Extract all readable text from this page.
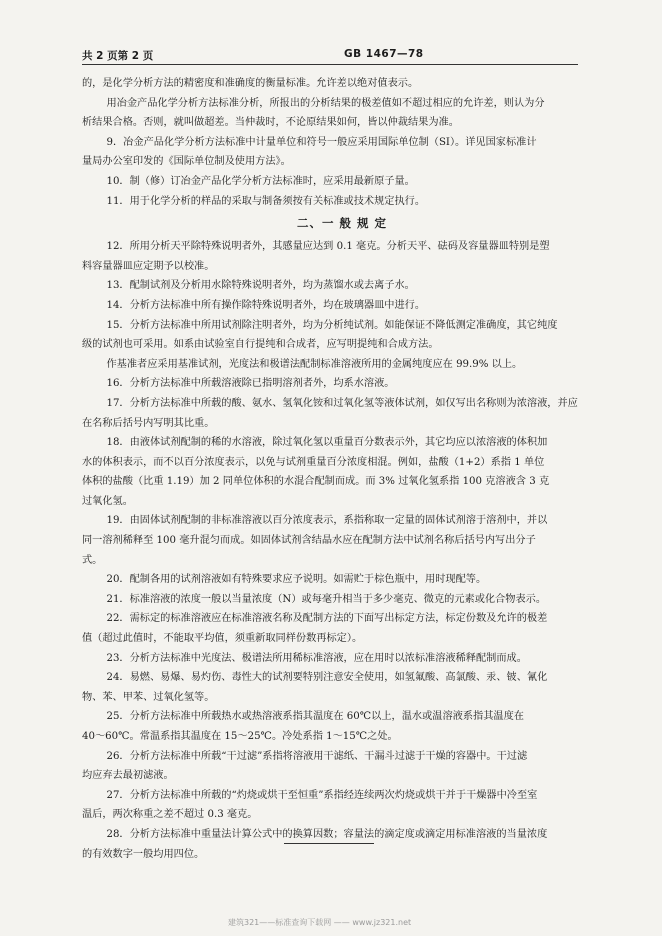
共 2 页第 2 页	GB 1467—78

的，是化学分析方法的精密度和准确度的衡量标准。允许差以绝对值表示。

用冶金产品化学分析方法标准分析，所报出的分析结果的极差值如不超过相应的允许差，则认为分

析结果合格。否则，就叫做超差。当仲裁时，不论原结果如何，皆以仲裁结果为准。

9．冶金产品化学分析方法标准中计量单位和符号一般应采用国际单位制（SI）。详见国家标准计

量局办公室印发的《国际单位制及使用方法》。

10．制（修）订冶金产品化学分析方法标准时，应采用最新原子量。

11．用于化学分析的样品的采取与制备须按有关标准或技术规定执行。

二、一 般 规 定

12．所用分析天平除特殊说明者外，其感量应达到 0.1 毫克。分析天平、砝码及容量器皿特别是塑

料容量器皿应定期予以校准。

13．配制试剂及分析用水除特殊说明者外，均为蒸馏水或去离子水。

14．分析方法标准中所有操作除特殊说明者外，均在玻璃器皿中进行。

15．分析方法标准中所用试剂除注明者外，均为分析纯试剂。如能保证不降低测定准确度，其它纯度

级的试剂也可采用。如系由试验室自行提纯和合成者，应写明提纯和合成方法。

作基准者应采用基准试剂，光度法和极谱法配制标准溶液所用的金属纯度应在 99.9% 以上。

16．分析方法标准中所载溶液除已指明溶剂者外，均系水溶液。

17．分析方法标准中所载的酸、氨水、氢氧化铵和过氧化氢等液体试剂，如仅写出名称则为浓溶液，并应

在名称后括号内写明其比重。

18．由液体试剂配制的稀的水溶液，除过氧化氢以重量百分数表示外，其它均应以浓溶液的体积加

水的体积表示，而不以百分浓度表示，以免与试剂重量百分浓度相混。例如，盐酸（1+2）系指 1 单位

体积的盐酸（比重 1.19）加 2 同单位体积的水混合配制而成。而 3% 过氧化氢系指 100 克溶液含 3 克

过氧化氢。

19．由固体试剂配制的非标准溶液以百分浓度表示，系指称取一定量的固体试剂溶于溶剂中，并以

同一溶剂稀释至 100 毫升混匀而成。如固体试剂含结晶水应在配制方法中试剂名称后括号内写出分子

式。

20．配制各用的试剂溶液如有特殊要求应予说明。如需贮于棕色瓶中，用时现配等。

21．标准溶液的浓度一般以当量浓度（N）或每毫升相当于多少毫克、微克的元素或化合物表示。

22．需标定的标准溶液应在标准溶液名称及配制方法的下面写出标定方法，标定份数及允许的极差

值（超过此值时，不能取平均值，须重新取同样份数再标定）。

23．分析方法标准中光度法、极谱法所用稀标准溶液，应在用时以浓标准溶液稀释配制而成。

24．易燃、易爆、易灼伤、毒性大的试剂要特别注意安全使用，如氢氟酸、高氯酸、汞、铍、氰化

物、苯、甲苯、过氧化氢等。

25．分析方法标准中所载热水或热溶液系指其温度在 60℃以上，温水或温溶液系指其温度在

40～60℃。常温系指其温度在 15～25℃。冷处系指 1～15℃之处。

26．分析方法标准中所载“干过滤”系指将溶液用干滤纸、干漏斗过滤于干燥的容器中。干过滤

均应弃去最初滤液。

27．分析方法标准中所载的“灼烧或烘干至恒重”系指经连续两次灼烧或烘干并于干燥器中冷至室

温后，两次称重之差不超过 0.3 毫克。

28．分析方法标准中重量法计算公式中的换算因数；容量法的滴定度或滴定用标准溶液的当量浓度

的有效数字一般均用四位。

建筑321——标准查询下载网 —— www.jz321.net
